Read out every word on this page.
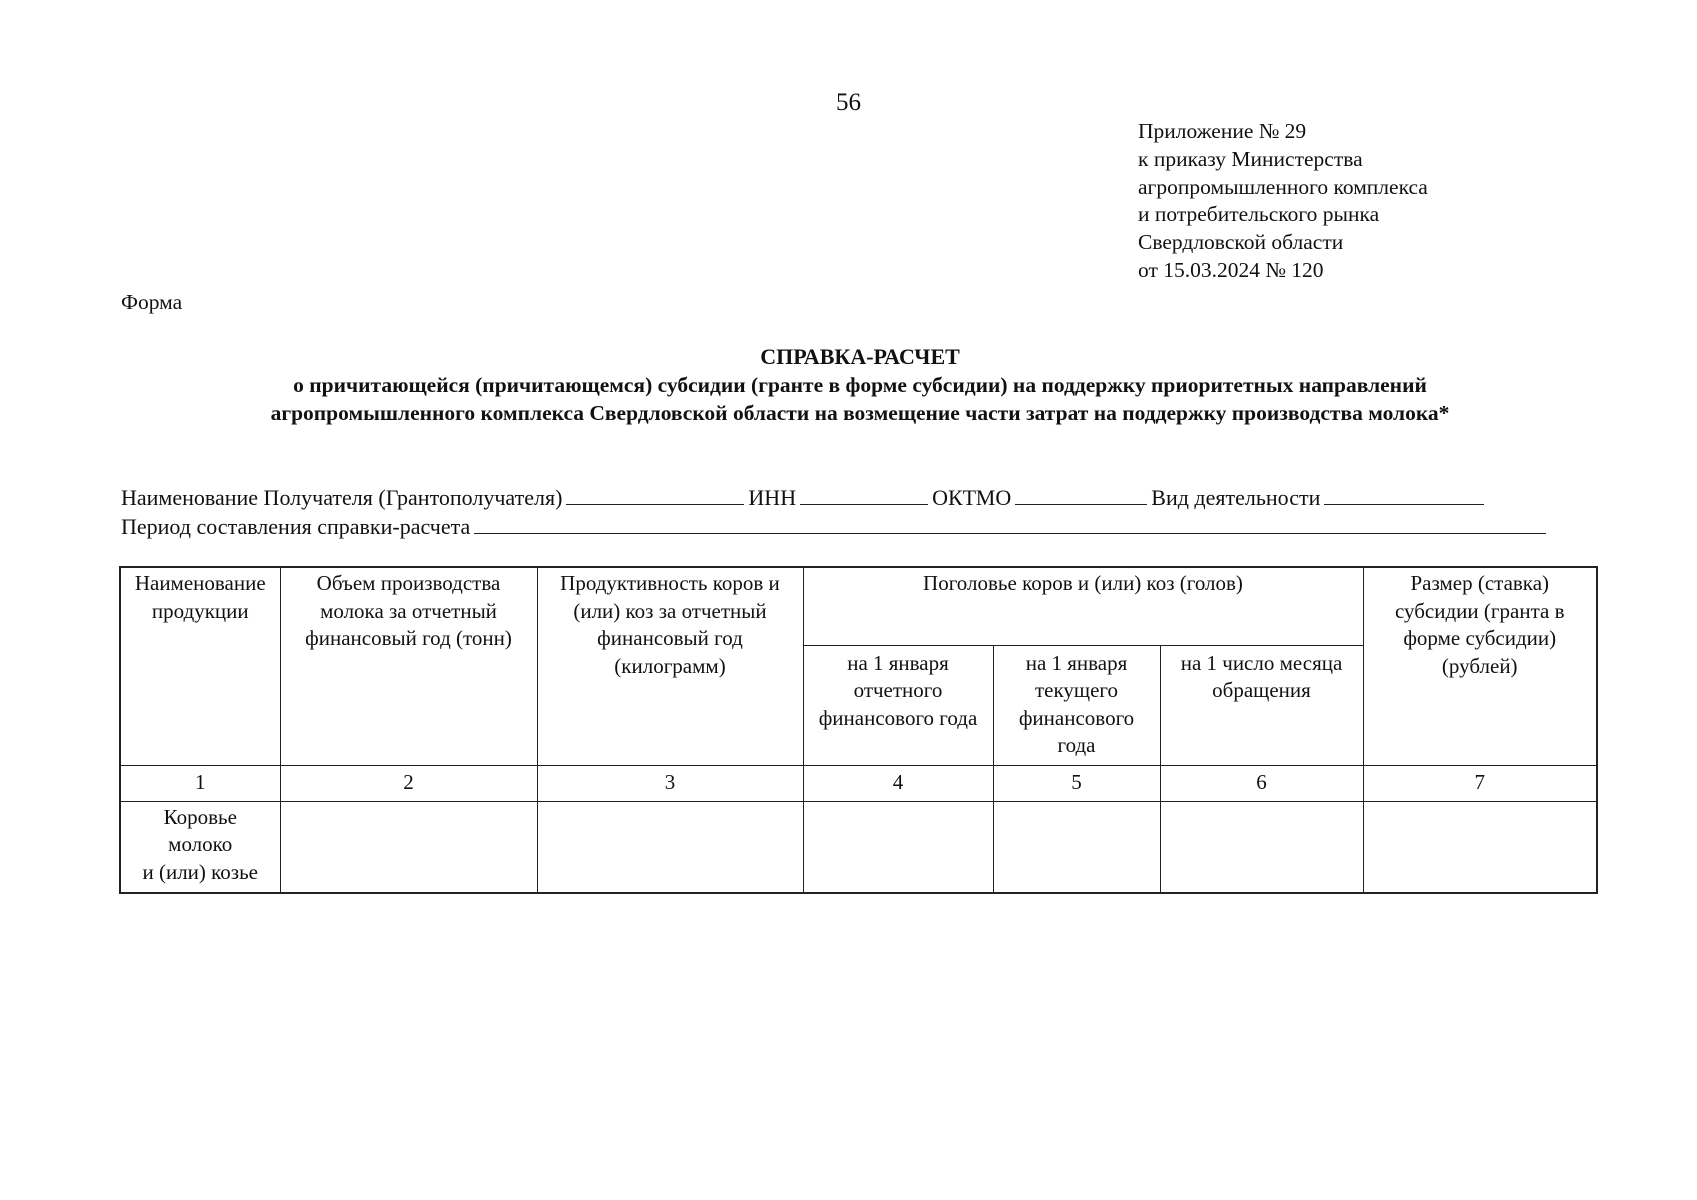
56
Приложение № 29
к приказу Министерства
агропромышленного комплекса
и потребительского рынка
Свердловской области
от 15.03.2024 № 120
Форма
СПРАВКА-РАСЧЕТ
о причитающейся (причитающемся) субсидии (гранте в форме субсидии) на поддержку приоритетных направлений
агропромышленного комплекса Свердловской области на возмещение части затрат на поддержку производства молока*
Наименование Получателя (Грантополучателя)	ИНН	ОКТМО	Вид деятельности
Период составления справки-расчета
Наименование продукции	Объем производства молока за отчетный финансовый год (тонн)	Продуктивность коров и (или) коз за отчетный финансовый год (килограмм)	Поголовье коров и (или) коз (голов)			Размер (ставка) субсидии (гранта в форме субсидии) (рублей)
			на 1 января отчетного финансового года	на 1 января текущего финансового года	на 1 число месяца обращения	
1	2	3	4	5	6	7

Коровье
молоко
и (или) козье						
